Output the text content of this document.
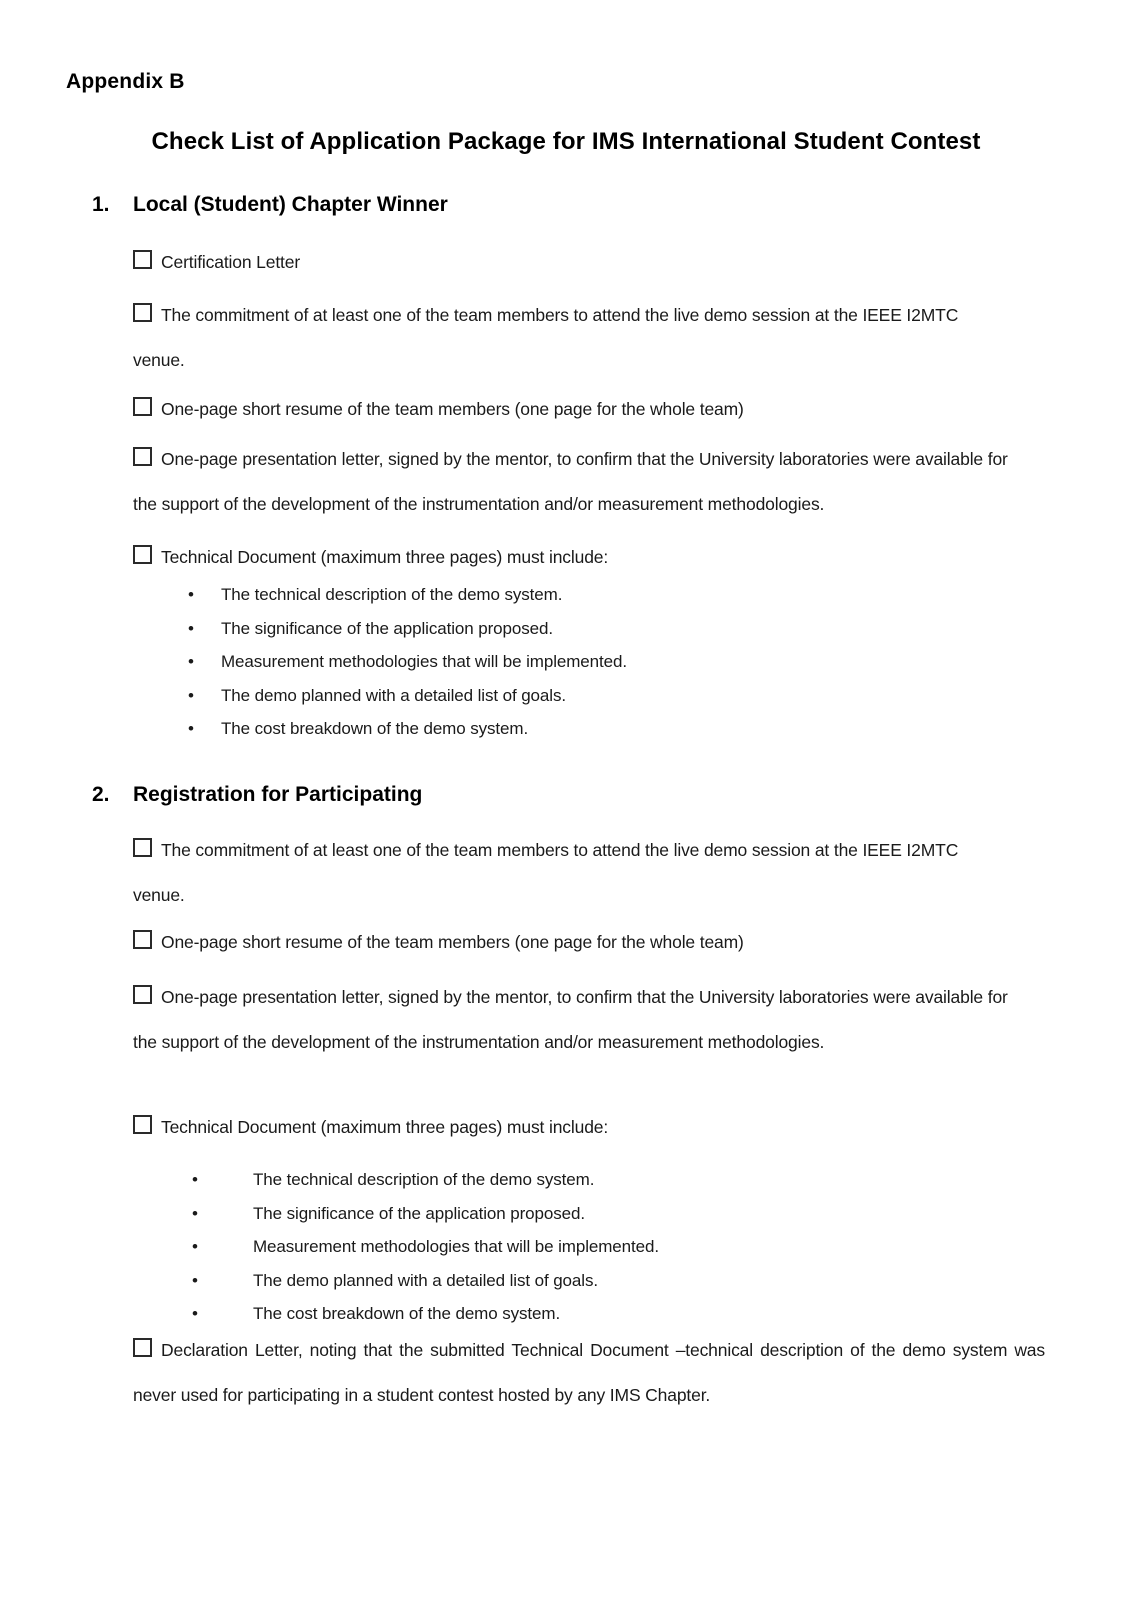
Appendix B
Check List of Application Package for IMS International Student Contest
1. Local (Student) Chapter Winner
Certification Letter
The commitment of at least one of the team members to attend the live demo session at the IEEE I2MTC venue.
One-page short resume of the team members (one page for the whole team)
One-page presentation letter, signed by the mentor, to confirm that the University laboratories were available for the support of the development of the instrumentation and/or measurement methodologies.
Technical Document (maximum three pages) must include:
• The technical description of the demo system.
• The significance of the application proposed.
• Measurement methodologies that will be implemented.
• The demo planned with a detailed list of goals.
• The cost breakdown of the demo system.
2. Registration for Participating
The commitment of at least one of the team members to attend the live demo session at the IEEE I2MTC venue.
One-page short resume of the team members (one page for the whole team)
One-page presentation letter, signed by the mentor, to confirm that the University laboratories were available for the support of the development of the instrumentation and/or measurement methodologies.
Technical Document (maximum three pages) must include:
•	The technical description of the demo system.
•	The significance of the application proposed.
•	Measurement methodologies that will be implemented.
•	The demo planned with a detailed list of goals.
•	The cost breakdown of the demo system.
Declaration Letter, noting that the submitted Technical Document –technical description of the demo system was never used for participating in a student contest hosted by any IMS Chapter.
